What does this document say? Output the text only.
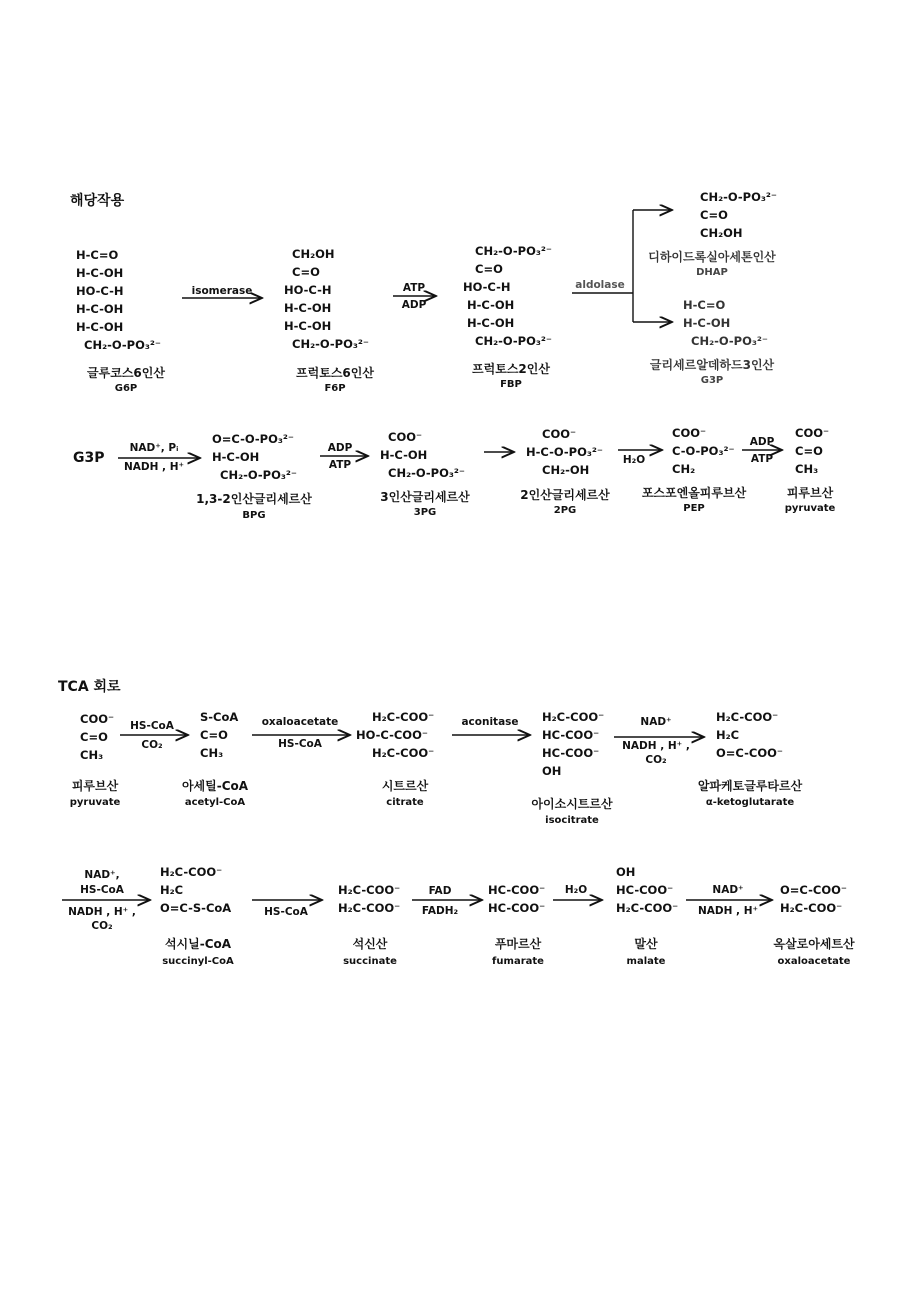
해당작용
H-C=O
H-C-OH
HO-C-H
H-C-OH
H-C-OH
CH₂-O-PO₃²⁻
글루코스6인산
G6P
isomerase
CH₂OH
C=O
HO-C-H
H-C-OH
H-C-OH
CH₂-O-PO₃²⁻
프럭토스6인산
F6P
ATP
ADP
CH₂-O-PO₃²⁻
C=O
HO-C-H
H-C-OH
H-C-OH
CH₂-O-PO₃²⁻
프럭토스2인산
FBP
aldolase
CH₂-O-PO₃²⁻
C=O
CH₂OH
디하이드록실아세톤인산
DHAP
H-C=O
H-C-OH
CH₂-O-PO₃²⁻
글리세르알데하드3인산
G3P
G3P
NAD⁺, Pᵢ
NADH , H⁺
O=C-O-PO₃²⁻
H-C-OH
CH₂-O-PO₃²⁻
1,3-2인산글리세르산
BPG
ADP
ATP
COO⁻
H-C-OH
CH₂-O-PO₃²⁻
3인산글리세르산
3PG
COO⁻
H-C-O-PO₃²⁻
CH₂-OH
2인산글리세르산
2PG
H₂O
COO⁻
C-O-PO₃²⁻
CH₂
포스포엔올피루브산
PEP
ADP
ATP
COO⁻
C=O
CH₃
피루브산
pyruvate
TCA 회로
COO⁻
C=O
CH₃
피루브산
pyruvate
HS-CoA
CO₂
S-CoA
C=O
CH₃
아세틸-CoA
acetyl-CoA
oxaloacetate
HS-CoA
H₂C-COO⁻
HO-C-COO⁻
H₂C-COO⁻
시트르산
citrate
aconitase H₂C-COO⁻
HC-COO⁻
HC-COO⁻
OH
아이소시트르산
isocitrate
NAD⁺
NADH , H⁺ ,
CO₂
H₂C-COO⁻
H₂C
O=C-COO⁻
알파케토글루타르산
α-ketoglutarate
NAD⁺,
HS-CoA
NADH , H⁺ ,
CO₂
H₂C-COO⁻
H₂C
O=C-S-CoA
석시닐-CoA
succinyl-CoA
HS-CoA
H₂C-COO⁻
H₂C-COO⁻
석신산
succinate
FAD
FADH₂
HC-COO⁻
HC-COO⁻
푸마르산
fumarate
H₂O
OH
HC-COO⁻
H₂C-COO⁻
말산
malate
NAD⁺
NADH , H⁺
O=C-COO⁻
H₂C-COO⁻
옥살로아세트산
oxaloacetate
